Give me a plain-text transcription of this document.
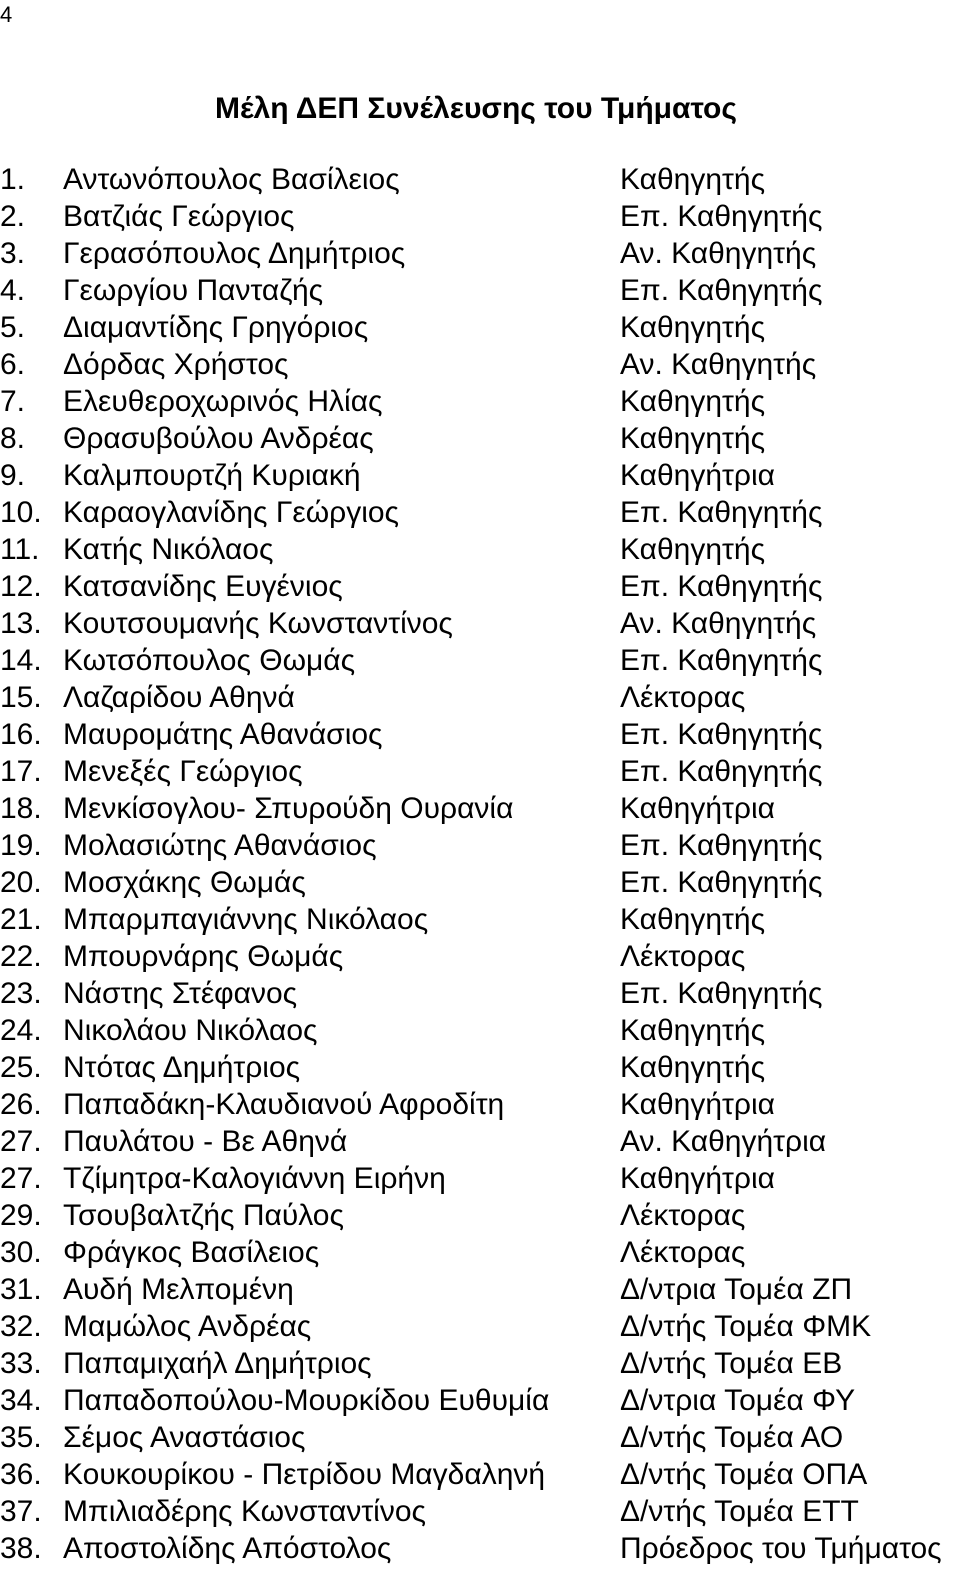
4
Μέλη ΔΕΠ Συνέλευσης του Τμήματος
1. Αντωνόπουλος Βασίλειος	Καθηγητής
2. Βατζιάς Γεώργιος	Επ. Καθηγητής
3. Γερασόπουλος Δημήτριος	Αν. Καθηγητής
4. Γεωργίου Πανταζής	Επ. Καθηγητής
5. Διαμαντίδης Γρηγόριος	Καθηγητής
6. Δόρδας Χρήστος	Αν. Καθηγητής
7. Ελευθεροχωρινός Ηλίας	Καθηγητής
8. Θρασυβούλου Ανδρέας	Καθηγητής
9. Καλμπουρτζή Κυριακή	Καθηγήτρια
10. Καραογλανίδης Γεώργιος	Επ. Καθηγητής
11. Κατής Νικόλαος	Καθηγητής
12. Κατσανίδης Ευγένιος	Επ. Καθηγητής
13. Κουτσουμανής Κωνσταντίνος	Αν. Καθηγητής
14. Κωτσόπουλος Θωμάς	Επ. Καθηγητής
15. Λαζαρίδου Αθηνά	Λέκτορας
16. Μαυρομάτης Αθανάσιος	Επ. Καθηγητής
17. Μενεξές Γεώργιος	Επ. Καθηγητής
18. Μενκίσογλου- Σπυρούδη Ουρανία	Καθηγήτρια
19. Μολασιώτης Αθανάσιος	Επ. Καθηγητής
20. Μοσχάκης Θωμάς	Επ. Καθηγητής
21. Μπαρμπαγιάννης Νικόλαος	Καθηγητής
22. Μπουρνάρης Θωμάς	Λέκτορας
23. Νάστης Στέφανος	Επ. Καθηγητής
24. Νικολάου Νικόλαος	Καθηγητής
25. Ντότας Δημήτριος	Καθηγητής
26. Παπαδάκη-Κλαυδιανού Αφροδίτη	Καθηγήτρια
27. Παυλάτου - Βε Αθηνά	Αν. Καθηγήτρια
27. Τζίμητρα-Καλογιάννη Ειρήνη	Καθηγήτρια
29. Τσουβαλτζής Παύλος	Λέκτορας
30. Φράγκος Βασίλειος	Λέκτορας
31. Αυδή Μελπομένη	Δ/ντρια Τομέα ΖΠ
32. Μαμώλος Ανδρέας	Δ/ντής Τομέα ΦΜΚ
33. Παπαμιχαήλ Δημήτριος	Δ/ντής Τομέα ΕΒ
34. Παπαδοπούλου-Μουρκίδου Ευθυμία Δ/ντρια Τομέα ΦΥ
35. Σέμος Αναστάσιος	Δ/ντής Τομέα ΑΟ
36. Κουκουρίκου - Πετρίδου Μαγδαληνή Δ/ντής Τομέα ΟΠΑ
37. Μπιλιαδέρης Κωνσταντίνος	Δ/ντής Τομέα ΕΤΤ
38. Αποστολίδης Απόστολος	Πρόεδρος του Τμήματος
